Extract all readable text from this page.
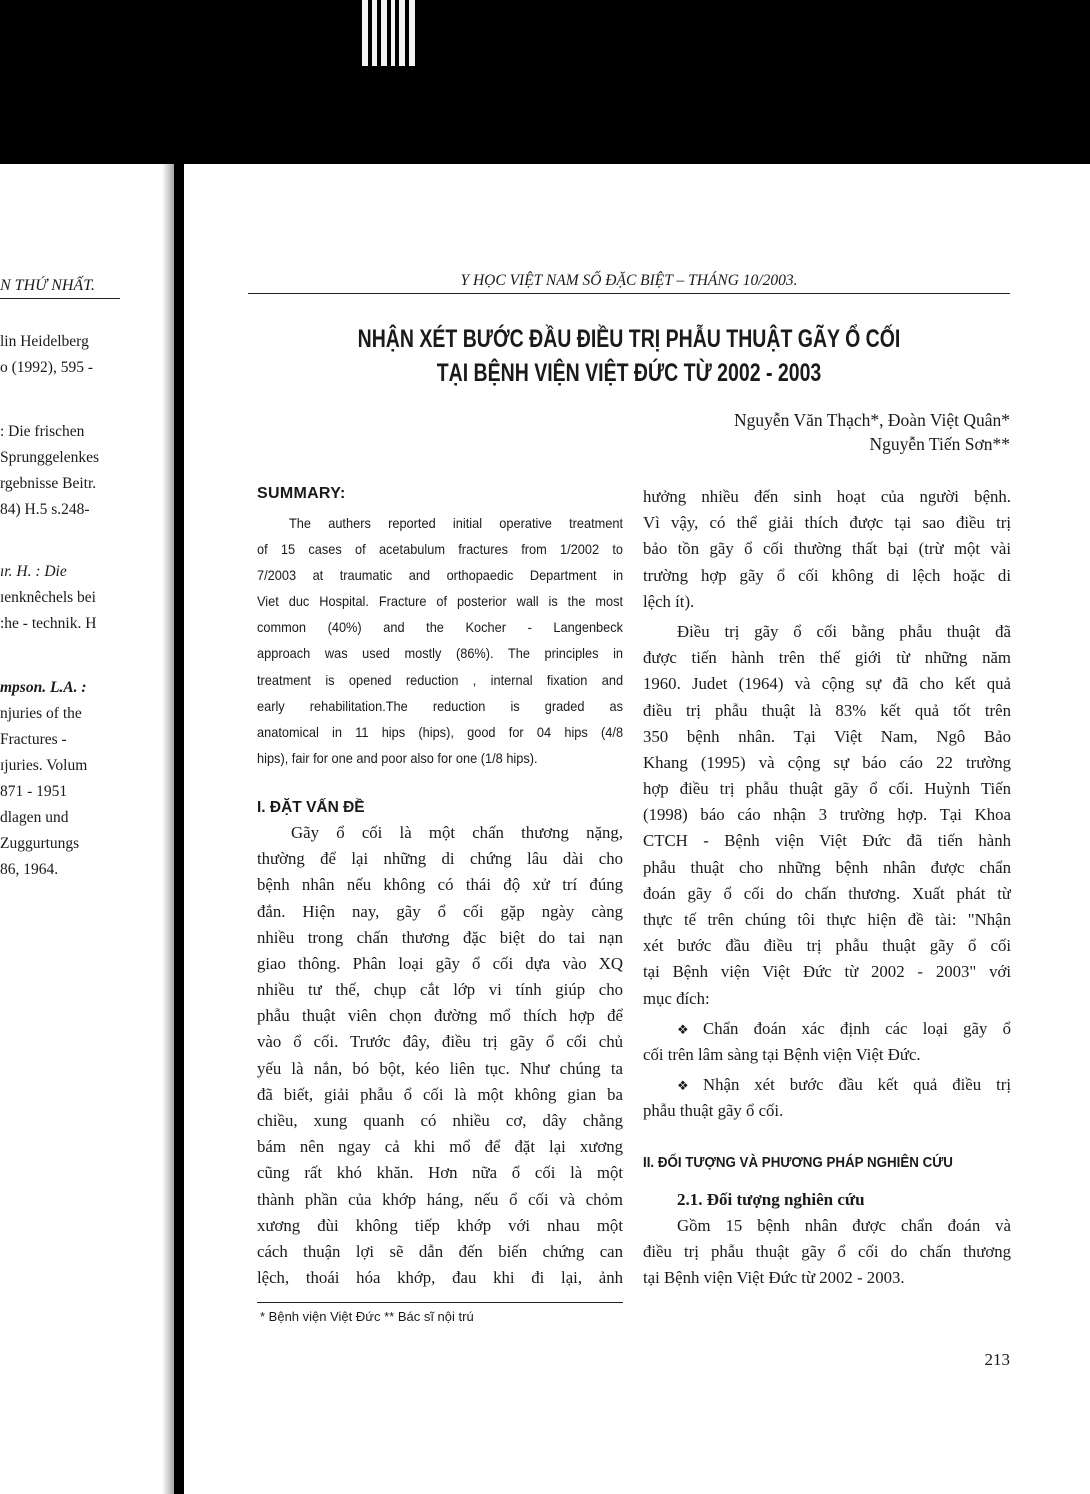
N THỨ NHẤT.
lin Heidelberg
o (1992), 595 -
: Die frischen
Sprunggelenkes
rgebnisse Beitr.
84) H.5 s.248-
ır. H. : Die
ɪenknêchels bei
:he - technik. H
mpson. L.A. :
njuries of the
Fractures -
ɪjuries. Volum
871 - 1951
dlagen und
Zuggurtungs
86, 1964.
Y HỌC VIỆT NAM SỐ ĐẶC BIỆT – THÁNG 10/2003.
NHẬN XÉT BƯỚC ĐẦU ĐIỀU TRỊ PHẪU THUẬT GÃY Ổ CỐI
TẠI BỆNH VIỆN VIỆT ĐỨC TỪ 2002 - 2003
Nguyễn Văn Thạch*, Đoàn Việt Quân*
Nguyễn Tiến Sơn**
SUMMARY:
The authers reported initial operative treatment
of 15 cases of acetabulum fractures from 1/2002 to
7/2003 at traumatic and orthopaedic Department in
Viet duc Hospital. Fracture of posterior wall is the most
common (40%) and the Kocher - Langenbeck
approach was used mostly (86%). The principles in
treatment is opened reduction , internal fixation and
early rehabilitation.The reduction is graded as
anatomical in 11 hips (hips), good for 04 hips (4/8
hips), fair for one and poor also for one (1/8 hips).
I. ĐẶT VẤN ĐỀ
Gãy ổ cối là một chấn thương nặng,
thường để lại những di chứng lâu dài cho
bệnh nhân nếu không có thái độ xử trí đúng
đắn. Hiện nay, gãy ổ cối gặp ngày càng
nhiều trong chấn thương đặc biệt do tai nạn
giao thông. Phân loại gãy ổ cối dựa vào XQ
nhiều tư thế, chụp cắt lớp vi tính giúp cho
phẫu thuật viên chọn đường mổ thích hợp để
vào ổ cối. Trước đây, điều trị gãy ổ cối chủ
yếu là nắn, bó bột, kéo liên tục. Như chúng ta
đã biết, giải phẫu ổ cối là một không gian ba
chiều, xung quanh có nhiều cơ, dây chằng
bám nên ngay cả khi mổ để đặt lại xương
cũng rất khó khăn. Hơn nữa ổ cối là một
thành phần của khớp háng, nếu ổ cối và chỏm
xương đùi không tiếp khớp với nhau một
cách thuận lợi sẽ dẫn đến biến chứng can
lệch, thoái hóa khớp, đau khi đi lại, ảnh
hưởng nhiều đến sinh hoạt của người bệnh.
Vì vậy, có thể giải thích được tại sao điều trị
bảo tồn gãy ổ cối thường thất bại (trừ một vài
trường hợp gãy ổ cối không di lệch hoặc di
lệch ít).
Điều trị gãy ổ cối bằng phẫu thuật đã
được tiến hành trên thế giới từ những năm
1960. Judet (1964) và cộng sự đã cho kết quả
điều trị phẫu thuật là 83% kết quả tốt trên
350 bệnh nhân. Tại Việt Nam, Ngô Bảo
Khang (1995) và cộng sự báo cáo 22 trường
hợp điều trị phẫu thuật gãy ổ cối. Huỳnh Tiến
(1998) báo cáo nhận 3 trường hợp. Tại Khoa
CTCH - Bệnh viện Việt Đức đã tiến hành
phẫu thuật cho những bệnh nhân được chẩn
đoán gãy ổ cối do chấn thương. Xuất phát từ
thực tế trên chúng tôi thực hiện đề tài: "Nhận
xét bước đầu điều trị phẫu thuật gãy ổ cối
tại Bệnh viện Việt Đức từ 2002 - 2003" với
mục đích:
❖ Chẩn đoán xác định các loại gãy ổ
cối trên lâm sàng tại Bệnh viện Việt Đức.
❖ Nhận xét bước đầu kết quả điều trị
phẫu thuật gãy ổ cối.
II. ĐỐI TƯỢNG VÀ PHƯƠNG PHÁP NGHIÊN CỨU
2.1. Đối tượng nghiên cứu
Gồm 15 bệnh nhân được chẩn đoán và
điều trị phẫu thuật gãy ổ cối do chấn thương
tại Bệnh viện Việt Đức từ 2002 - 2003.
* Bệnh viện Việt Đức ** Bác sĩ nội trú
213
